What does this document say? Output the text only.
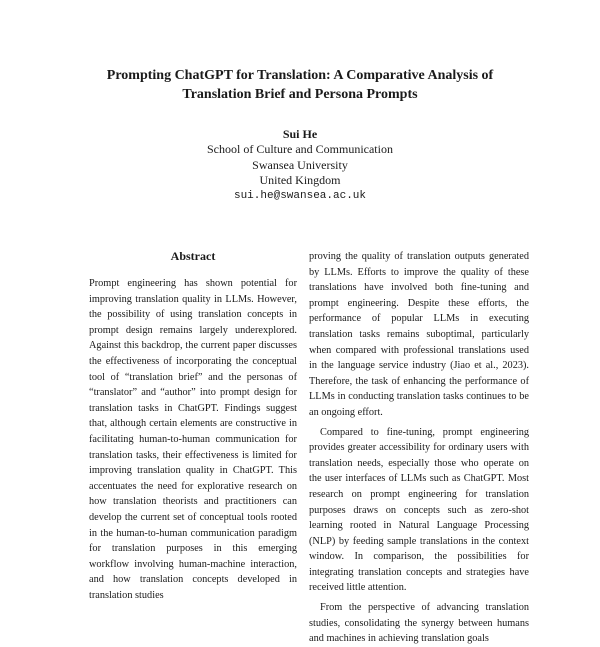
Prompting ChatGPT for Translation: A Comparative Analysis of
Translation Brief and Persona Prompts
Sui He
School of Culture and Communication
Swansea University
United Kingdom
sui.he@swansea.ac.uk
Abstract

Prompt engineering has shown potential for improving translation quality in LLMs. However, the possibility of using translation concepts in prompt design remains largely underexplored. Against this backdrop, the current paper discusses the effectiveness of incorporating the conceptual tool of “translation brief” and the personas of “translator” and “author” into prompt design for translation tasks in ChatGPT. Findings suggest that, although certain elements are constructive in facilitating human-to-human communication for translation tasks, their effectiveness is limited for improving translation quality in ChatGPT. This accentuates the need for explorative research on how translation theorists and practitioners can develop the current set of conceptual tools rooted in the human-to-human communication paradigm for translation purposes in this emerging workflow involving human-machine interaction, and how translation concepts developed in translation studies

proving the quality of translation outputs generated by LLMs. Efforts to improve the quality of these translations have involved both fine-tuning and prompt engineering. Despite these efforts, the performance of popular LLMs in executing translation tasks remains suboptimal, particularly when compared with professional translations used in the language service industry (Jiao et al., 2023). Therefore, the task of enhancing the performance of LLMs in conducting translation tasks continues to be an ongoing effort.

Compared to fine-tuning, prompt engineering provides greater accessibility for ordinary users with translation needs, especially those who operate on the user interfaces of LLMs such as ChatGPT. Most research on prompt engineering for translation purposes draws on concepts such as zero-shot learning rooted in Natural Language Processing (NLP) by feeding sample translations in the context window. In comparison, the possibilities for integrating translation concepts and strategies have received little attention.

From the perspective of advancing translation studies, consolidating the synergy between humans and machines in achieving translation goals
